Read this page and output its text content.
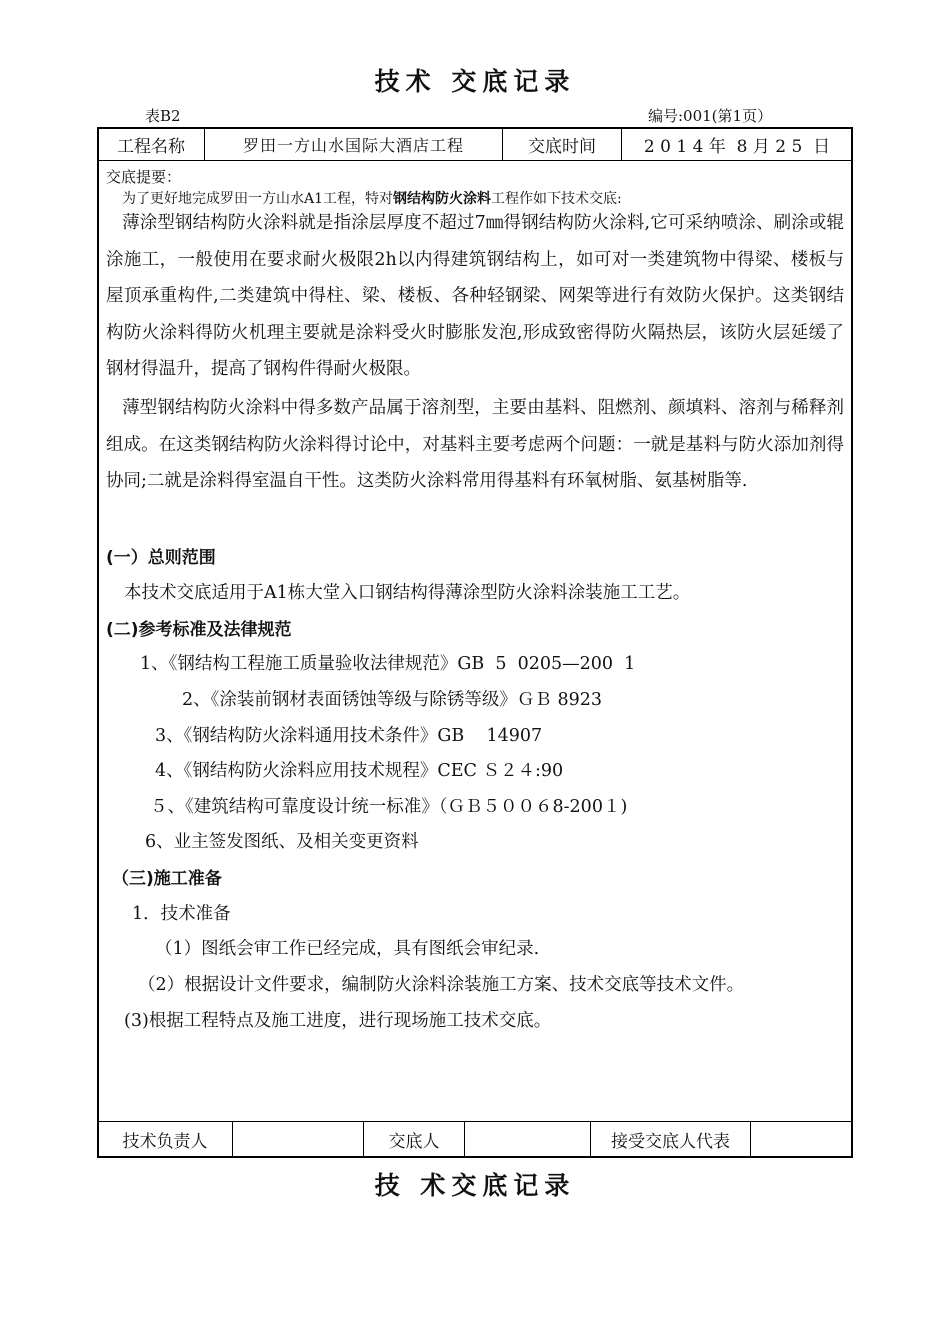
技术 交底记录
表B2	编号:001(第1页）
工程名称	罗田一方山水国际大酒店工程	交底时间	2 0 1 4 年  8 月 2 5  日
交底提要：
为了更好地完成罗田一方山水A1工程，特对钢结构防火涂料工程作如下技术交底:
薄涂型钢结构防火涂料就是指涂层厚度不超过7㎜得钢结构防火涂料,它可采纳喷涂、刷涂或辊涂施工，一般使用在要求耐火极限2h以内得建筑钢结构上，如可对一类建筑物中得梁、楼板与屋顶承重构件,二类建筑中得柱、梁、楼板、各种轻钢梁、网架等进行有效防火保护。这类钢结构防火涂料得防火机理主要就是涂料受火时膨胀发泡,形成致密得防火隔热层，该防火层延缓了钢材得温升，提高了钢构件得耐火极限。
薄型钢结构防火涂料中得多数产品属于溶剂型，主要由基料、阻燃剂、颜填料、溶剂与稀释剂组成。在这类钢结构防火涂料得讨论中，对基料主要考虑两个问题：一就是基料与防火添加剂得协同;二就是涂料得室温自干性。这类防火涂料常用得基料有环氧树脂、氨基树脂等.
(一）总则范围
本技术交底适用于A1栋大堂入口钢结构得薄涂型防火涂料涂装施工工艺。
(二)参考标准及法律规范
1、《钢结构工程施工质量验收法律规范》GB  5  0205—200  1
2、《涂装前钢材表面锈蚀等级与除锈等级》ＧＢ 8923
3、《钢结构防火涂料通用技术条件》GB    14907
4、《钢结构防火涂料应用技术规程》CEC Ｓ２４:90
５、《建筑结构可靠度设计统一标准》（ＧＢ５００６8-200１)
6、业主签发图纸、及相关变更资料
（三)施工准备
1．技术准备
（1）图纸会审工作已经完成，具有图纸会审纪录.
（2）根据设计文件要求，编制防火涂料涂装施工方案、技术交底等技术文件。
(3)根据工程特点及施工进度，进行现场施工技术交底。
技术负责人	交底人	接受交底人代表
技 术交底记录
